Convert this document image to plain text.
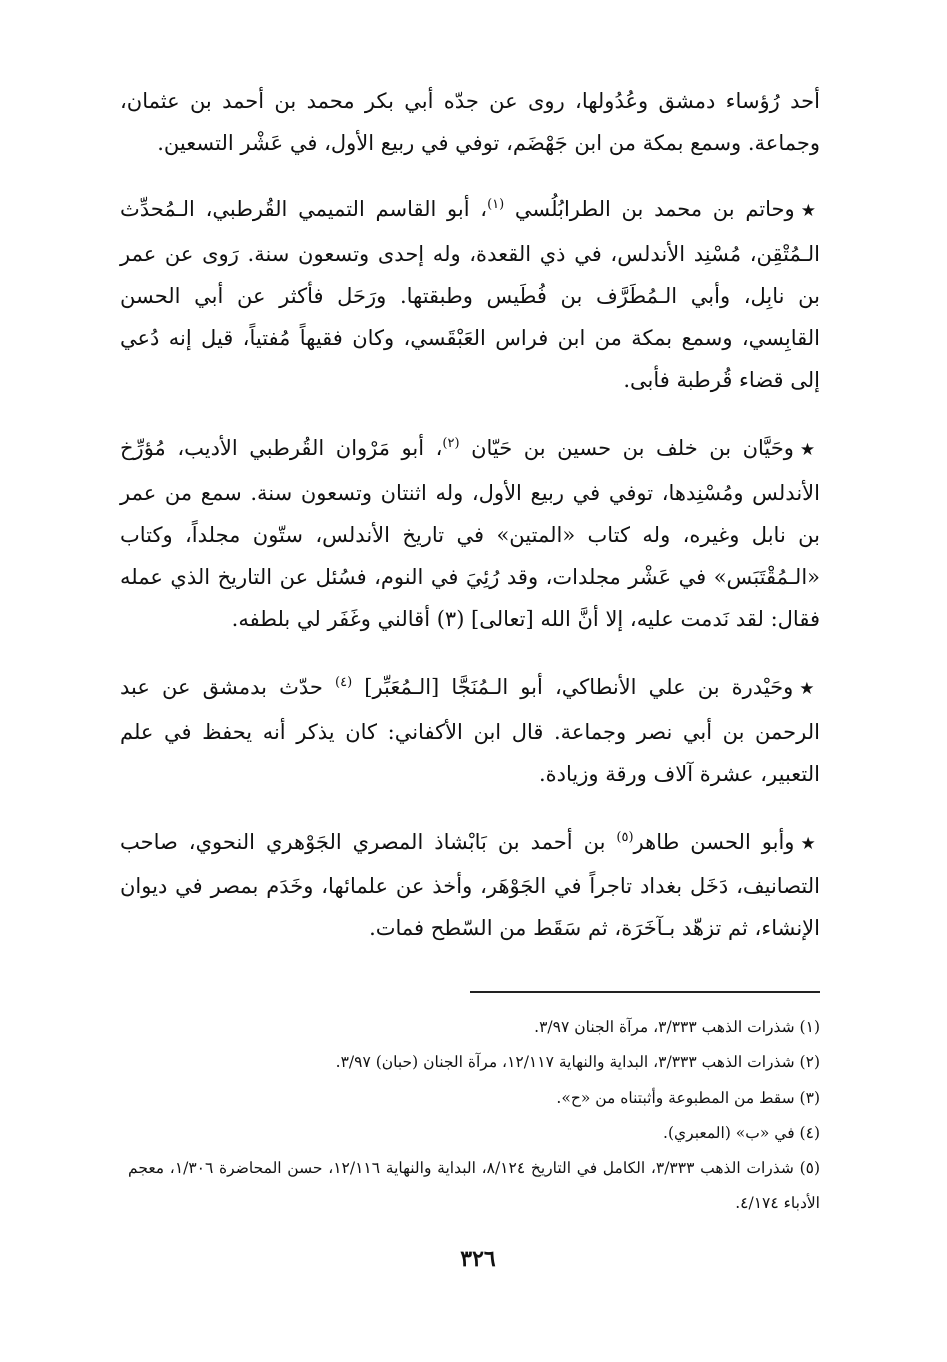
أحد رُؤساء دمشق وعُدُولها، روى عن جدّه أبي بكر محمد بن أحمد بن عثمان، وجماعة. وسمع بمكة من ابن جَهْضَم، توفي في ربيع الأول، في عَشْر التسعين.

★وحاتم بن محمد بن الطرابُلُسي $^{(١)}$، أبو القاسم التميمي القُرطبي، الـمُحدِّث الـمُتْقِن، مُسْنِد الأندلس، في ذي القعدة، وله إحدى وتسعون سنة. رَوى عن عمر بن نابِل، وأبي الـمُطَرَّف بن فُطَيس وطبقتها. ورَحَل فأكثر عن أبي الحسن القابِسي، وسمع بمكة من ابن فراس العَبْقَسي، وكان فقيهاً مُفتياً، قيل إنه دُعي إلى قضاء قُرطبة فأبى.

★وحَيَّان بن خلف بن حسين بن حَيّان $^{(٢)}$، أبو مَرْوان القُرطبي الأديب، مُؤرِّخ الأندلس ومُسْنِدها، توفي في ربيع الأول، وله اثنتان وتسعون سنة. سمع من عمر بن نابل وغيره، وله كتاب «المتين» في تاريخ الأندلس، ستّون مجلداً، وكتاب «الـمُقْتَبَس» في عَشْر مجلدات، وقد رُئِيَ في النوم، فسُئل عن التاريخ الذي عمله فقال: لقد نَدمت عليه، إلا أنَّ الله [تعالى] (٣) أقالني وغَفَر لي بلطفه.

★وحَيْدرة بن علي الأنطاكي، أبو الـمُنَجَّا [الـمُعَبِّر] $^{(٤)}$ حدّث بدمشق عن عبد الرحمن بن أبي نصر وجماعة. قال ابن الأكفاني: كان يذكر أنه يحفظ في علم التعبير، عشرة آلاف ورقة وزيادة.

★وأبو الحسن طاهر$^{(٥)}$ بن أحمد بن بَابْشاذ المصري الجَوْهري النحوي، صاحب التصانيف، دَخَل بغداد تاجراً في الجَوْهَر، وأخذ عن علمائها، وخَدَم بمصر في ديوان الإنشاء، ثم تزهّد بـآخَرَة، ثم سَقَط من السّطح فمات.

(١) شذرات الذهب ٣/٣٣٣، مرآة الجنان ٣/٩٧.

(٢) شذرات الذهب ٣/٣٣٣، البداية والنهاية ١٢/١١٧، مرآة الجنان (حبان) ٣/٩٧.

(٣) سقط من المطبوعة وأثبتناه من «ح».

(٤) في «ب» (المعبري).

(٥) شذرات الذهب ٣/٣٣٣، الكامل في التاريخ ٨/١٢٤، البداية والنهاية ١٢/١١٦، حسن المحاضرة ١/٣٠٦، معجم الأدباء ٤/١٧٤.

٣٢٦
